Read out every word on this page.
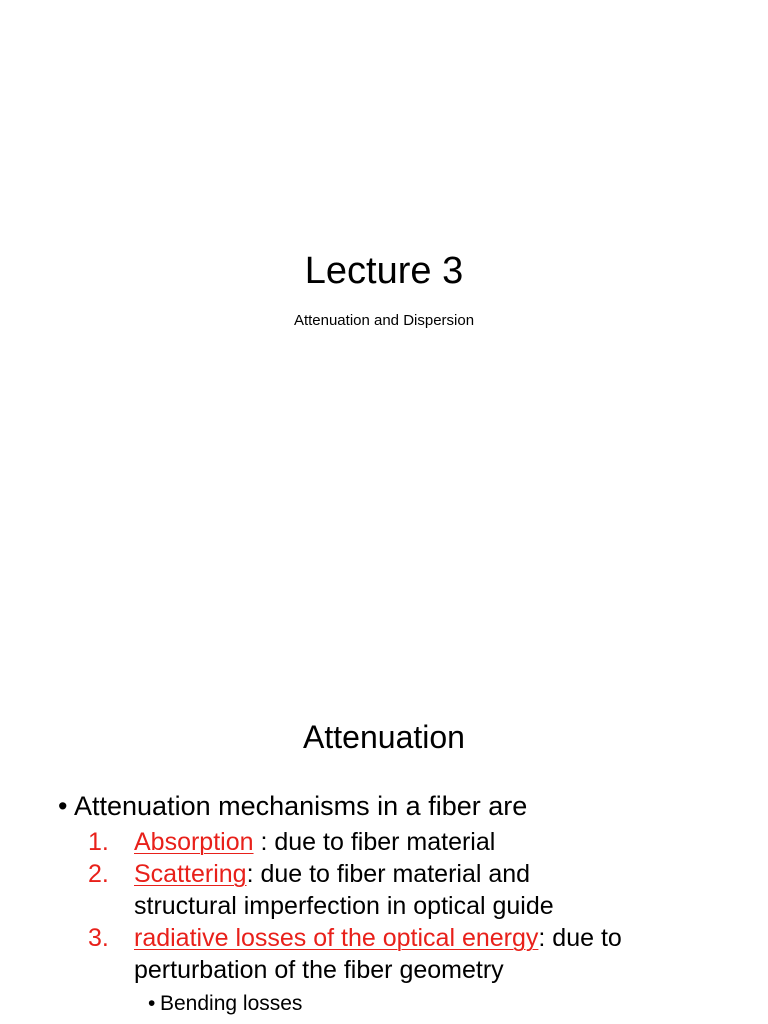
Lecture 3
Attenuation and Dispersion
Attenuation
• Attenuation mechanisms in a fiber are
1. Absorption : due to fiber material
2. Scattering: due to fiber material and
structural imperfection in optical guide
3. radiative losses of the optical energy: due to
perturbation of the fiber geometry
• Bending losses
